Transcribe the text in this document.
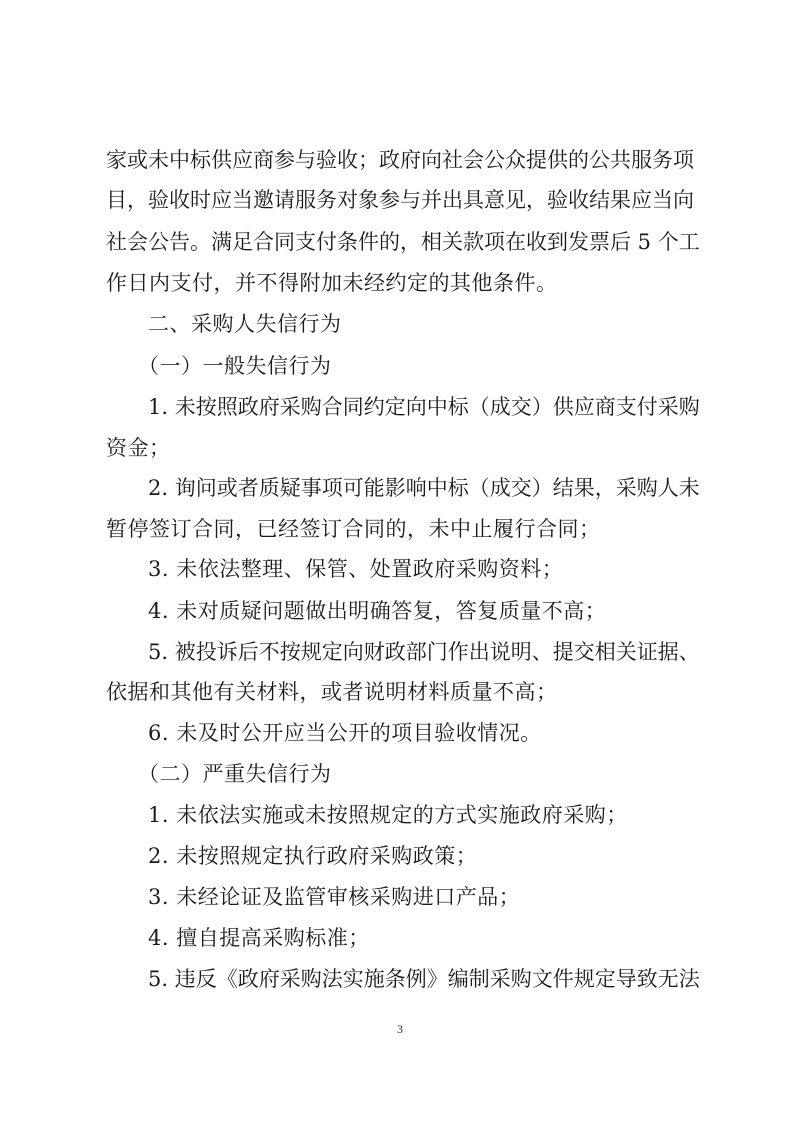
家或未中标供应商参与验收；政府向社会公众提供的公共服务项
目，验收时应当邀请服务对象参与并出具意见，验收结果应当向
社会公告。满足合同支付条件的，相关款项在收到发票后 5 个工
作日内支付，并不得附加未经约定的其他条件。
二、采购人失信行为
（一）一般失信行为
1. 未按照政府采购合同约定向中标（成交）供应商支付采购
资金；
2. 询问或者质疑事项可能影响中标（成交）结果，采购人未
暂停签订合同，已经签订合同的，未中止履行合同；
3. 未依法整理、保管、处置政府采购资料；
4. 未对质疑问题做出明确答复，答复质量不高；
5. 被投诉后不按规定向财政部门作出说明、提交相关证据、
依据和其他有关材料，或者说明材料质量不高；
6. 未及时公开应当公开的项目验收情况。
（二）严重失信行为
1. 未依法实施或未按照规定的方式实施政府采购；
2. 未按照规定执行政府采购政策；
3. 未经论证及监管审核采购进口产品；
4. 擅自提高采购标准；
5. 违反《政府采购法实施条例》编制采购文件规定导致无法
3
